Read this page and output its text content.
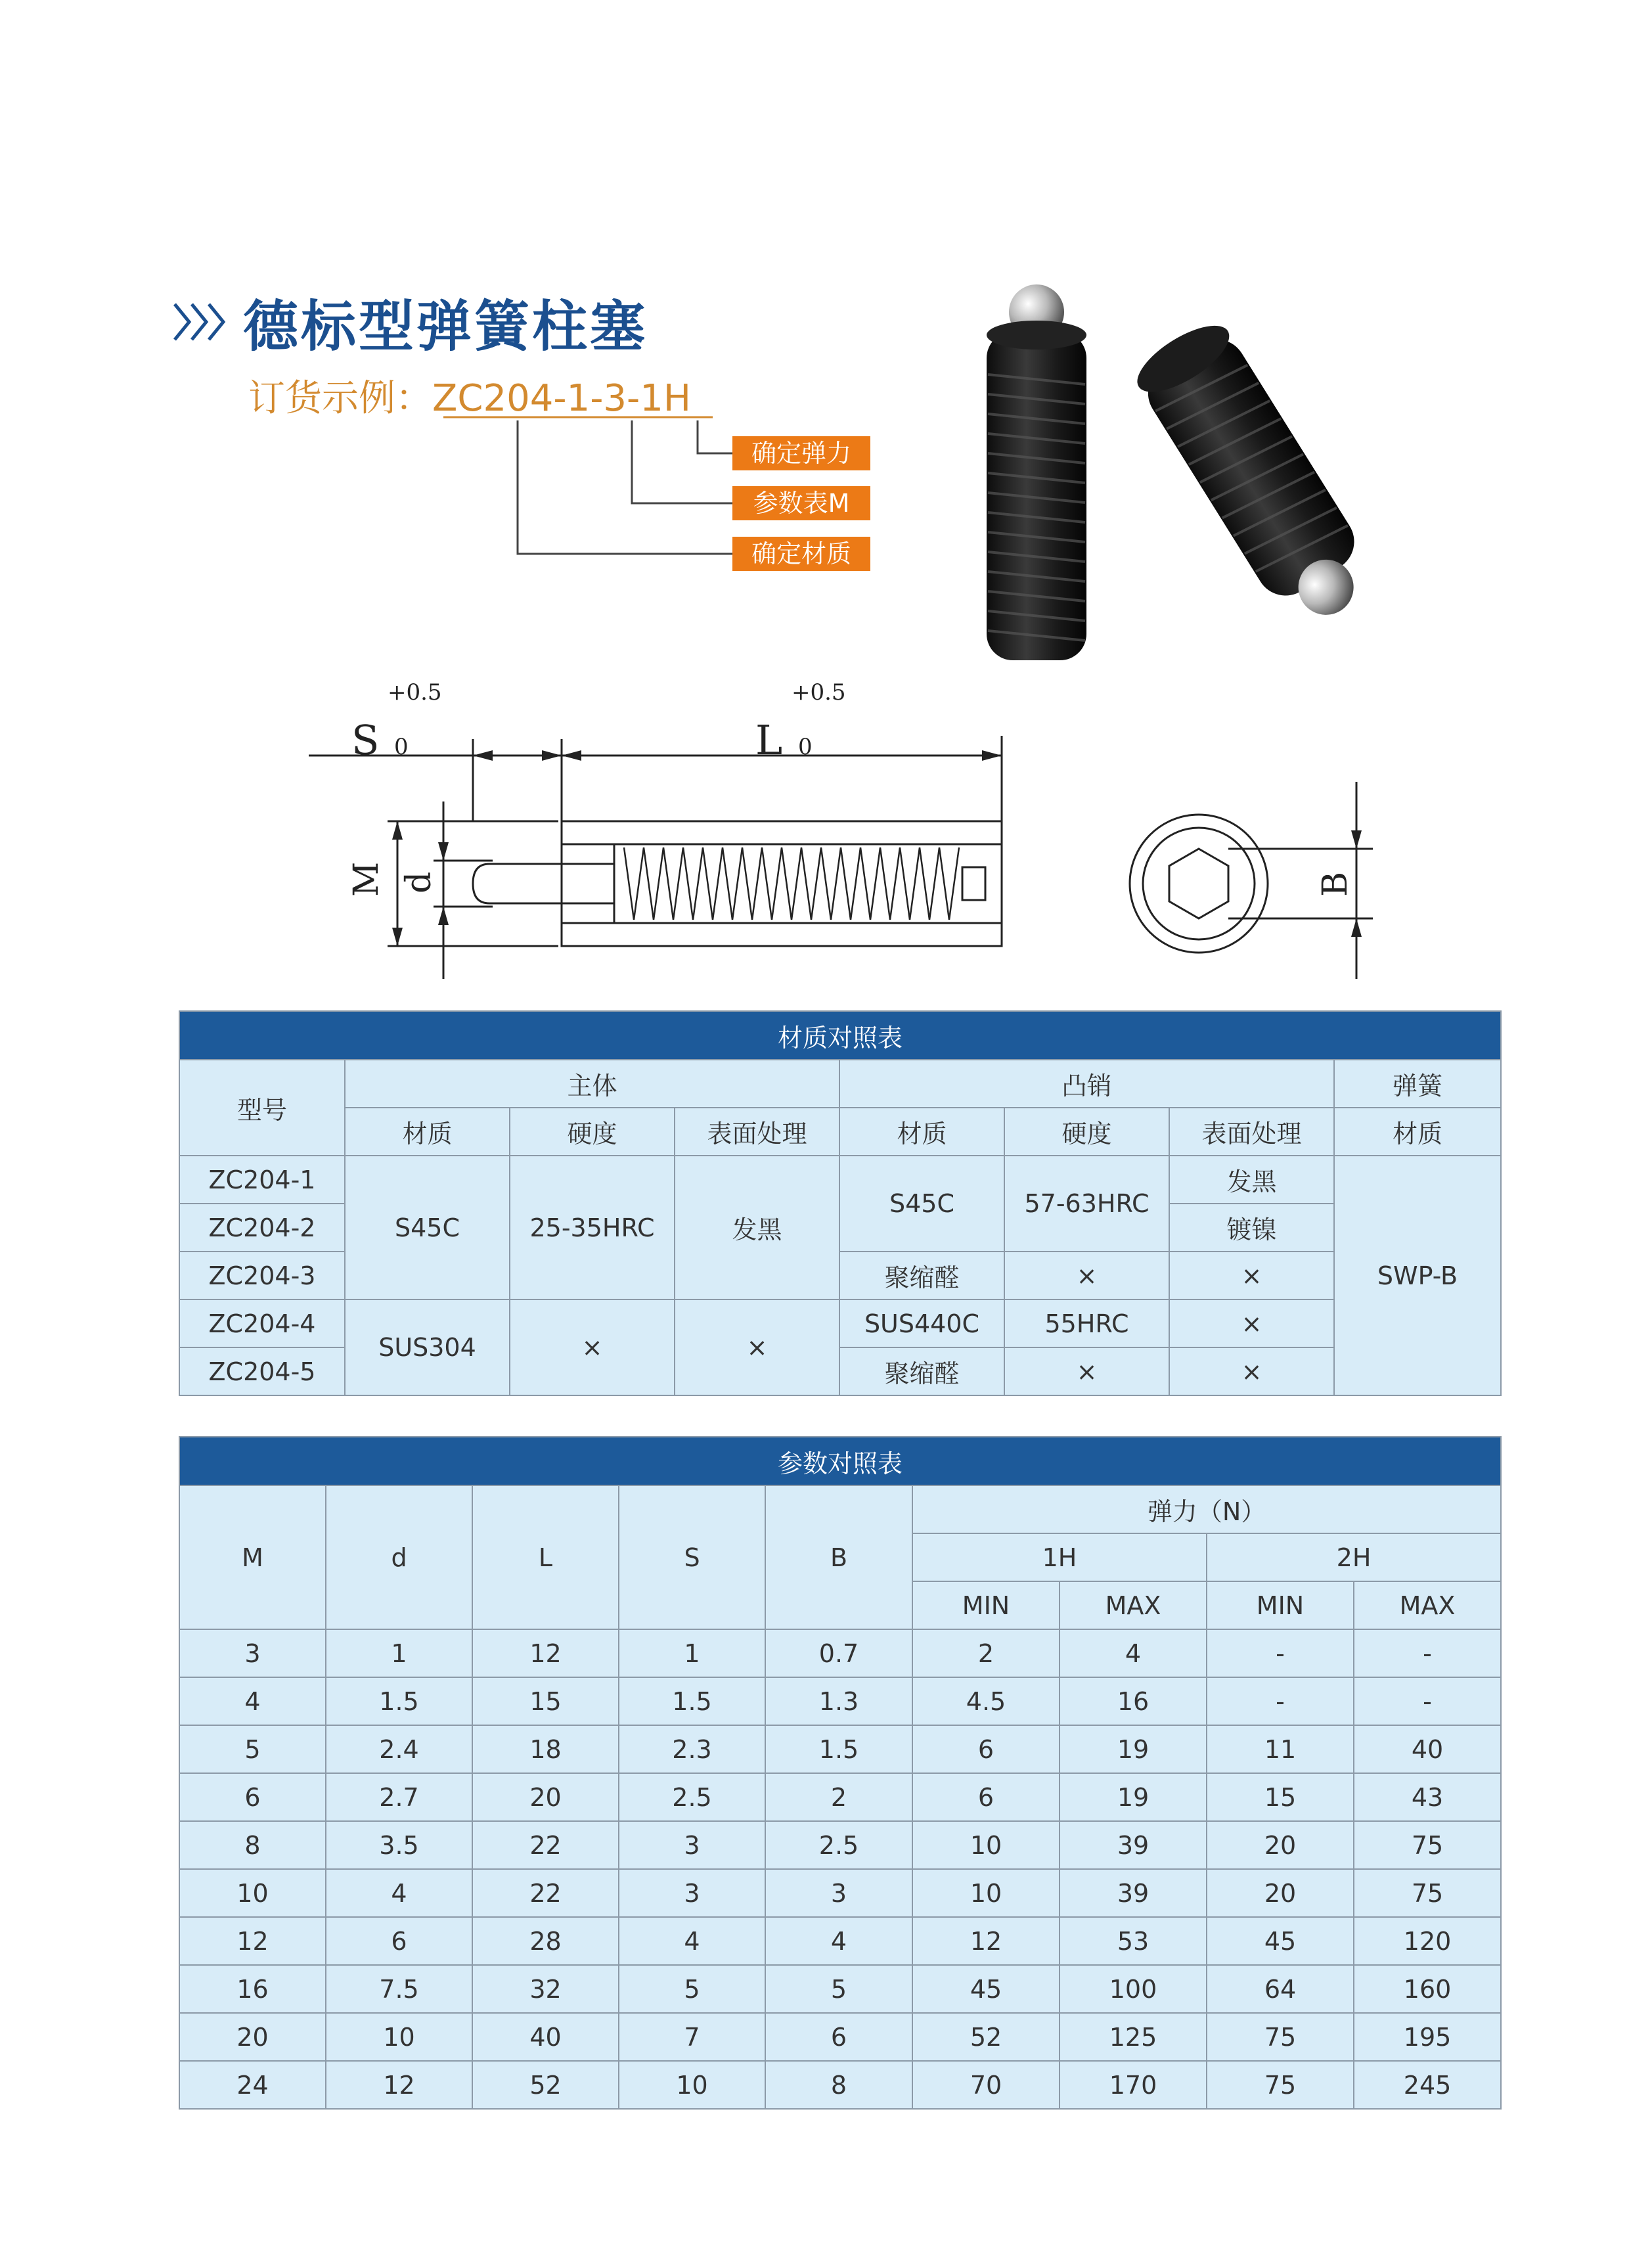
德标型弹簧柱塞
订货示例：ZC204-1-3-1H
确定弹力
参数表M
确定材质
S 0
+0.5
L 0
+0.5
M d	B
材质对照表							
型号	主体			凸销			弹簧
	材质	硬度	表面处理	材质	硬度	表面处理	材质
ZC204-1	S45C	25-35HRC	发黑	S45C	57-63HRC	发黑	SWP-B
ZC204-2						镀镍	
ZC204-3				聚缩醛	×	×	
ZC204-4	SUS304	×	×	SUS440C	55HRC	×	
ZC204-5				聚缩醛	×	×	
参数对照表								
M	d	L	S	B	弹力（N）			
					1H		2H	
					MIN	MAX	MIN	MAX
3	1	12	1	0.7	2	4	-	-
4	1.5	15	1.5	1.3	4.5	16	-	-
5	2.4	18	2.3	1.5	6	19	11	40
6	2.7	20	2.5	2	6	19	15	43
8	3.5	22	3	2.5	10	39	20	75
10	4	22	3	3	10	39	20	75
12	6	28	4	4	12	53	45	120
16	7.5	32	5	5	45	100	64	160
20	10	40	7	6	52	125	75	195
24	12	52	10	8	70	170	75	245
